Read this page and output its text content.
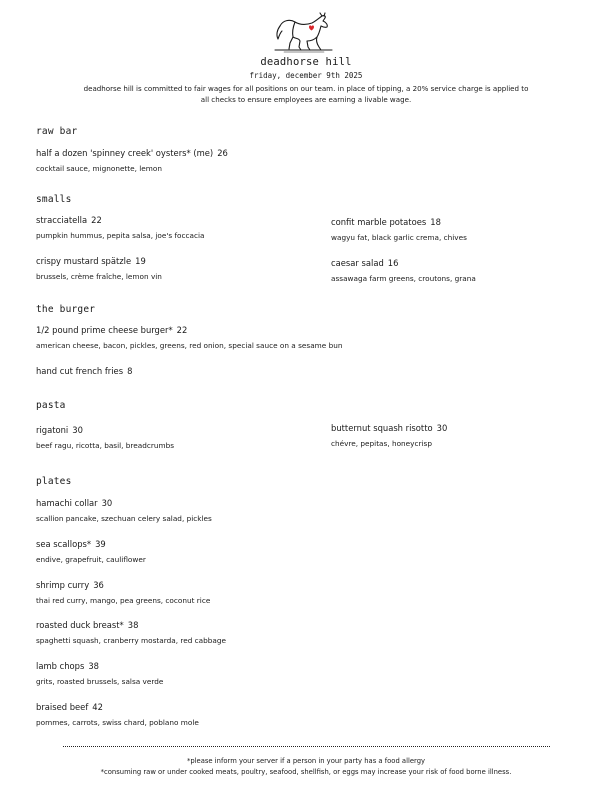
deadhorse hill
friday, december 9th 2025
deadhorse hill is committed to fair wages for all positions on our team. in place of tipping, a 20% service charge is applied to
all checks to ensure employees are earning a livable wage.
raw bar
half a dozen 'spinney creek' oysters* (me) 26
cocktail sauce, mignonette, lemon
smalls
stracciatella 22
pumpkin hummus, pepita salsa, joe's foccacia
confit marble potatoes 18
wagyu fat, black garlic crema, chives
crispy mustard spätzle 19
brussels, crème fraîche, lemon vin
caesar salad 16
assawaga farm greens, croutons, grana
the burger
1/2 pound prime cheese burger* 22
american cheese, bacon, pickles, greens, red onion, special sauce on a sesame bun
hand cut french fries 8
pasta
rigatoni 30
beef ragu, ricotta, basil, breadcrumbs
butternut squash risotto 30
chévre, pepitas, honeycrisp
plates
hamachi collar 30
scallion pancake, szechuan celery salad, pickles
sea scallops* 39
endive, grapefruit, cauliflower
shrimp curry 36
thai red curry, mango, pea greens, coconut rice
roasted duck breast* 38
spaghetti squash, cranberry mostarda, red cabbage
lamb chops 38
grits, roasted brussels, salsa verde
braised beef 42
pommes, carrots, swiss chard, poblano mole
*please inform your server if a person in your party has a food allergy
*consuming raw or under cooked meats, poultry, seafood, shellfish, or eggs may increase your risk of food borne illness.
